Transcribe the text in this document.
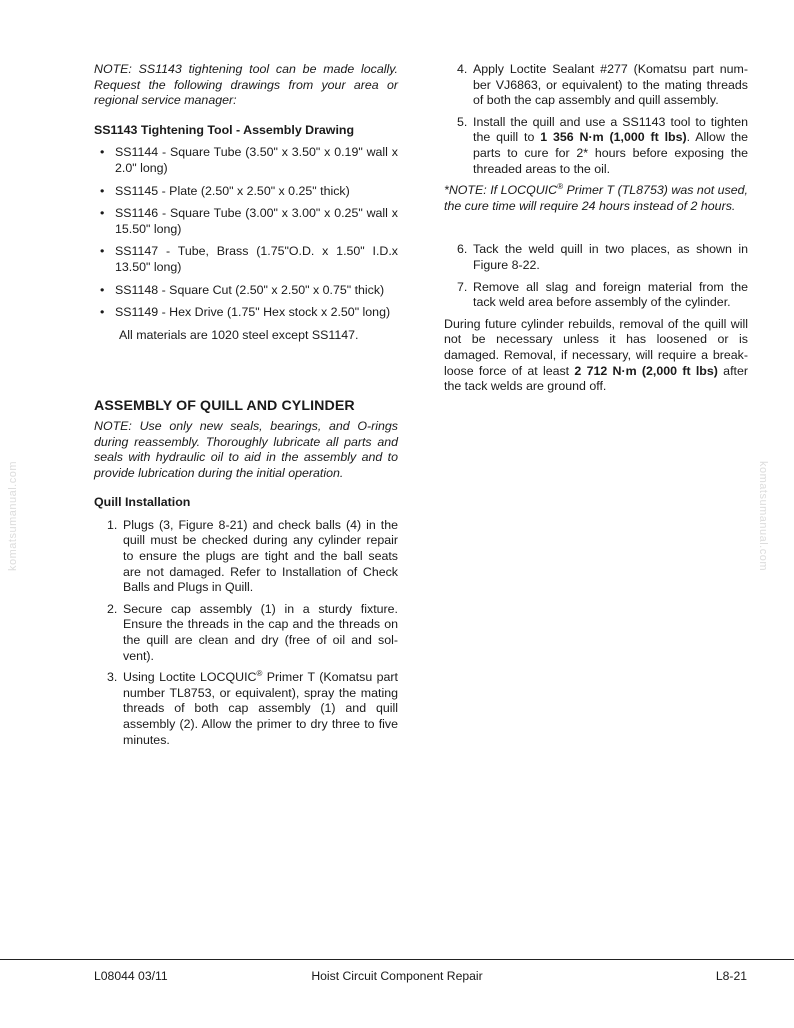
NOTE: SS1143 tightening tool can be made locally. Request the following drawings from your area or regional service manager:

SS1143 Tightening Tool - Assembly Drawing

• SS1144 - Square Tube (3.50" x 3.50" x 0.19" wall x 2.0" long)
• SS1145 - Plate (2.50" x 2.50" x 0.25" thick)
• SS1146 - Square Tube (3.00" x 3.00" x 0.25" wall x 15.50" long)
• SS1147 - Tube, Brass (1.75"O.D. x 1.50" I.D.x 13.50" long)
• SS1148 - Square Cut (2.50" x 2.50" x 0.75" thick)
• SS1149 - Hex Drive (1.75" Hex stock x 2.50" long)

All materials are 1020 steel except SS1147.

ASSEMBLY OF QUILL AND CYLINDER

NOTE: Use only new seals, bearings, and O-rings during reassembly. Thoroughly lubricate all parts and seals with hydraulic oil to aid in the assembly and to provide lubrication during the initial operation.

Quill Installation

1. Plugs (3, Figure 8-21) and check balls (4) in the quill must be checked during any cylinder repair to ensure the plugs are tight and the ball seats are not damaged. Refer to Installation of Check Balls and Plugs in Quill.
2. Secure cap assembly (1) in a sturdy fixture. Ensure the threads in the cap and the threads on the quill are clean and dry (free of oil and sol-vent).
3. Using Loctite LOCQUIC® Primer T (Komatsu part number TL8753, or equivalent), spray the mating threads of both cap assembly (1) and quill assembly (2). Allow the primer to dry three to five minutes.
4. Apply Loctite Sealant #277 (Komatsu part num-ber VJ6863, or equivalent) to the mating threads of both the cap assembly and quill assembly.
5. Install the quill and use a SS1143 tool to tighten the quill to 1 356 N·m (1,000 ft lbs). Allow the parts to cure for 2* hours before exposing the threaded areas to the oil.

*NOTE: If LOCQUIC® Primer T (TL8753) was not used, the cure time will require 24 hours instead of 2 hours.

6. Tack the weld quill in two places, as shown in Figure 8-22.
7. Remove all slag and foreign material from the tack weld area before assembly of the cylinder.

During future cylinder rebuilds, removal of the quill will not be necessary unless it has loosened or is damaged. Removal, if necessary, will require a break-loose force of at least 2 712 N·m (2,000 ft lbs) after the tack welds are ground off.

komatsumanual.com	komatsumanual.com
L08044 03/11	Hoist Circuit Component Repair	L8-21
